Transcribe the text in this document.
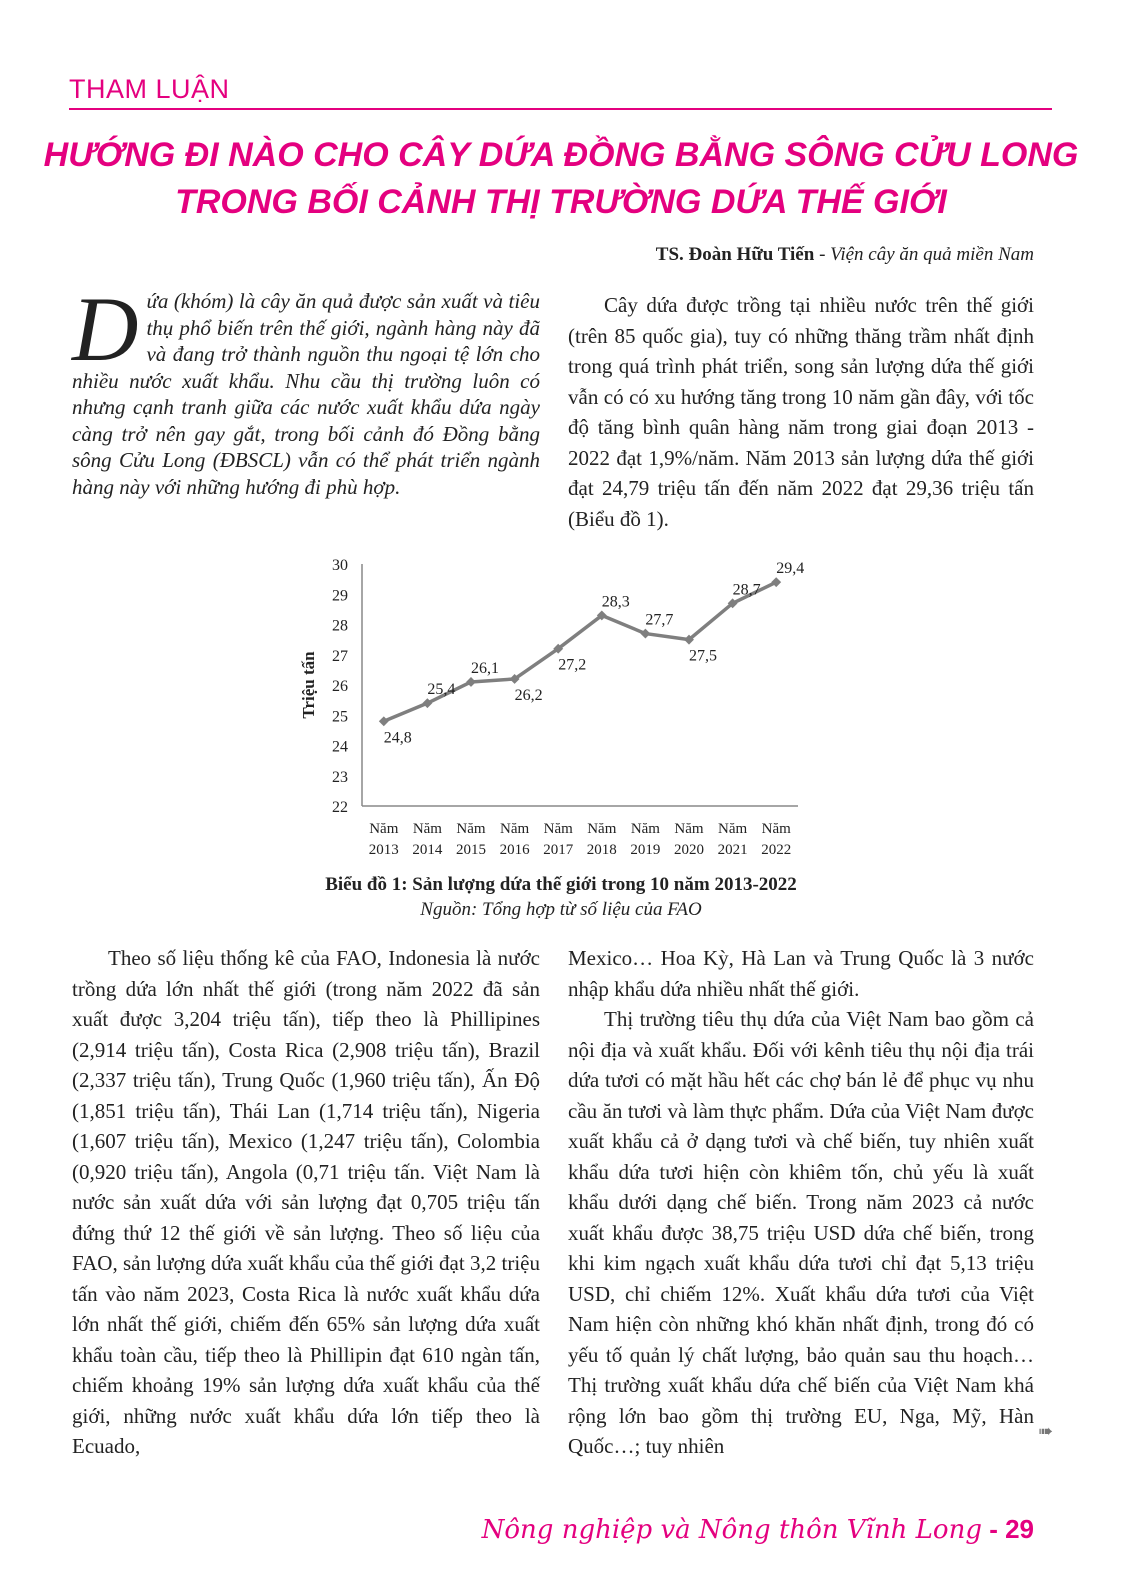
THAM LUẬN
HƯỚNG ĐI NÀO CHO CÂY DỨA ĐỒNG BẰNG SÔNG CỬU LONG
TRONG BỐI CẢNH THỊ TRƯỜNG DỨA THẾ GIỚI
TS. Đoàn Hữu Tiến - Viện cây ăn quả miền Nam
Dứa (khóm) là cây ăn quả được sản xuất và tiêu thụ phổ biến trên thế giới, ngành hàng này đã và đang trở thành nguồn thu ngoại tệ lớn cho nhiều nước xuất khẩu. Nhu cầu thị trường luôn có nhưng cạnh tranh giữa các nước xuất khẩu dứa ngày càng trở nên gay gắt, trong bối cảnh đó Đồng bằng sông Cửu Long (ĐBSCL) vẫn có thể phát triển ngành hàng này với những hướng đi phù hợp.

Cây dứa được trồng tại nhiều nước trên thế giới (trên 85 quốc gia), tuy có những thăng trầm nhất định trong quá trình phát triển, song sản lượng dứa thế giới vẫn có có xu hướng tăng trong 10 năm gần đây, với tốc độ tăng bình quân hàng năm trong giai đoạn 2013 - 2022 đạt 1,9%/năm. Năm 2013 sản lượng dứa thế giới đạt 24,79 triệu tấn đến năm 2022 đạt 29,36 triệu tấn (Biểu đồ 1).

22
23
24
25
26
27
28
29
30
Năm
2013
Năm
2014
Năm
2015
Năm
2016
Năm
2017
Năm
2018
Năm
2019
Năm
2020
Năm
2021
Năm
2022
Triệu tấn
24,8
25,4
26,1
26,2
27,2
28,3
27,7
27,5
28,7
29,4
Biểu đồ 1: Sản lượng dứa thế giới trong 10 năm 2013-2022
Nguồn: Tổng hợp từ số liệu của FAO

Theo số liệu thống kê của FAO, Indonesia là nước trồng dứa lớn nhất thế giới (trong năm 2022 đã sản xuất được 3,204 triệu tấn), tiếp theo là Phillipines (2,914 triệu tấn), Costa Rica (2,908 triệu tấn), Brazil (2,337 triệu tấn), Trung Quốc (1,960 triệu tấn), Ấn Độ (1,851 triệu tấn), Thái Lan (1,714 triệu tấn), Nigeria (1,607 triệu tấn), Mexico (1,247 triệu tấn), Colombia (0,920 triệu tấn), Angola (0,71 triệu tấn. Việt Nam là nước sản xuất dứa với sản lượng đạt 0,705 triệu tấn đứng thứ 12 thế giới về sản lượng. Theo số liệu của FAO, sản lượng dứa xuất khẩu của thế giới đạt 3,2 triệu tấn vào năm 2023, Costa Rica là nước xuất khẩu dứa lớn nhất thế giới, chiếm đến 65% sản lượng dứa xuất khẩu toàn cầu, tiếp theo là Phillipin đạt 610 ngàn tấn, chiếm khoảng 19% sản lượng dứa xuất khẩu của thế giới, những nước xuất khẩu dứa lớn tiếp theo là Ecuado,

Mexico… Hoa Kỳ, Hà Lan và Trung Quốc là 3 nước nhập khẩu dứa nhiều nhất thế giới.

Thị trường tiêu thụ dứa của Việt Nam bao gồm cả nội địa và xuất khẩu. Đối với kênh tiêu thụ nội địa trái dứa tươi có mặt hầu hết các chợ bán lẻ để phục vụ nhu cầu ăn tươi và làm thực phẩm. Dứa của Việt Nam được xuất khẩu cả ở dạng tươi và chế biến, tuy nhiên xuất khẩu dứa tươi hiện còn khiêm tốn, chủ yếu là xuất khẩu dưới dạng chế biến. Trong năm 2023 cả nước xuất khẩu được 38,75 triệu USD dứa chế biến, trong khi kim ngạch xuất khẩu dứa tươi chỉ đạt 5,13 triệu USD, chỉ chiếm 12%. Xuất khẩu dứa tươi của Việt Nam hiện còn những khó khăn nhất định, trong đó có yếu tố quản lý chất lượng, bảo quản sau thu hoạch… Thị trường xuất khẩu dứa chế biến của Việt Nam khá rộng lớn bao gồm thị trường EU, Nga, Mỹ, Hàn Quốc…; tuy nhiên

➠
Nông nghiệp và Nông thôn Vĩnh Long - 29
